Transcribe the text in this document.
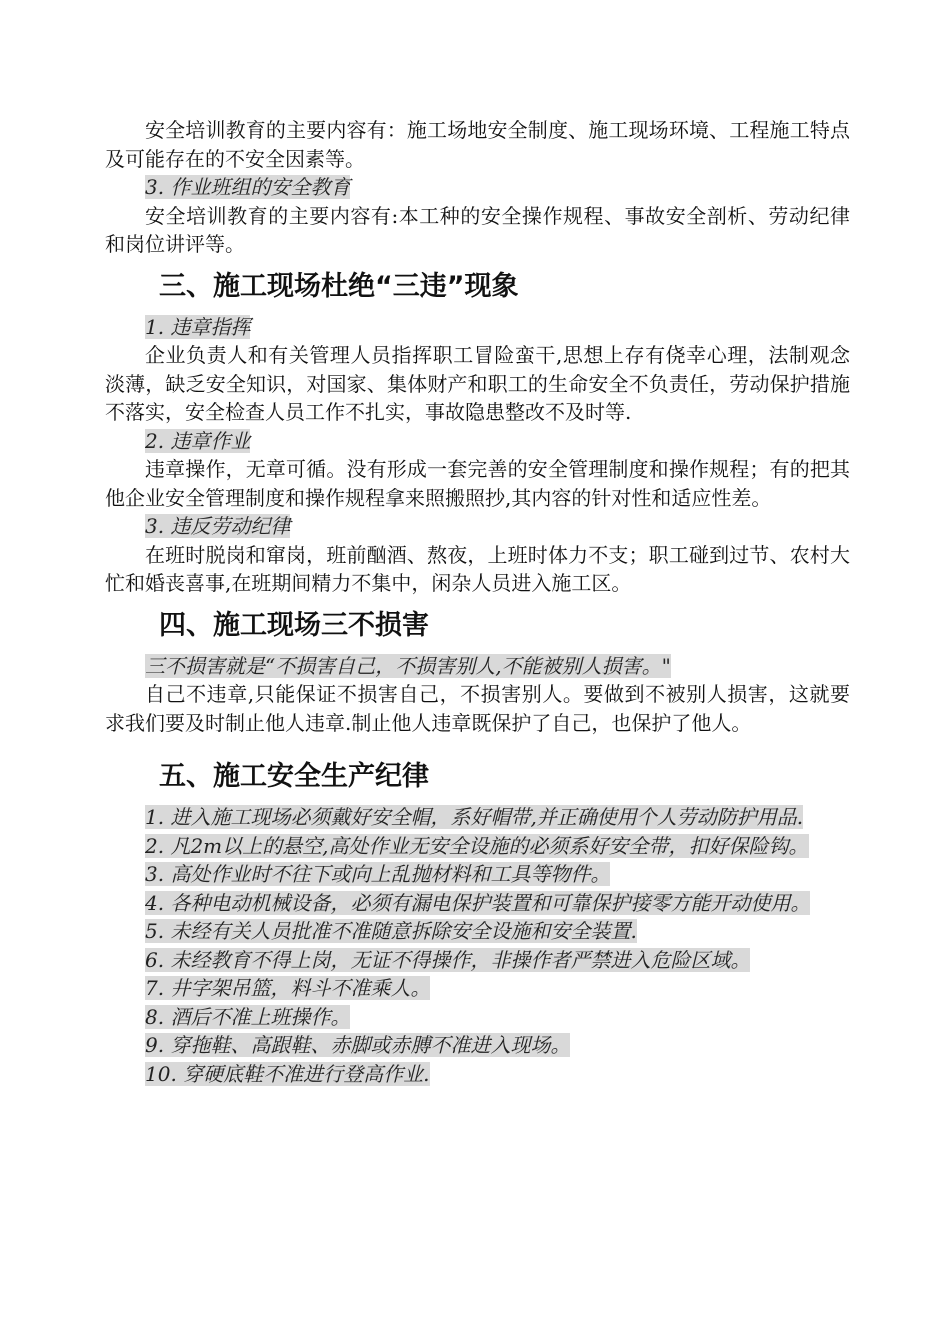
安全培训教育的主要内容有：施工场地安全制度、施工现场环境、工程施工特点及可能存在的不安全因素等。

3. 作业班组的安全教育

安全培训教育的主要内容有:本工种的安全操作规程、事故安全剖析、劳动纪律和岗位讲评等。

三、施工现场杜绝“三违”现象
1. 违章指挥

企业负责人和有关管理人员指挥职工冒险蛮干,思想上存有侥幸心理，法制观念淡薄，缺乏安全知识，对国家、集体财产和职工的生命安全不负责任，劳动保护措施不落实，安全检查人员工作不扎实，事故隐患整改不及时等.

2. 违章作业

违章操作，无章可循。没有形成一套完善的安全管理制度和操作规程；有的把其他企业安全管理制度和操作规程拿来照搬照抄,其内容的针对性和适应性差。

3. 违反劳动纪律

在班时脱岗和窜岗，班前酗酒、熬夜，上班时体力不支；职工碰到过节、农村大忙和婚丧喜事,在班期间精力不集中，闲杂人员进入施工区。

四、施工现场三不损害
三不损害就是“不损害自己，不损害别人,不能被别人损害。"

自己不违章,只能保证不损害自己，不损害别人。要做到不被别人损害，这就要求我们要及时制止他人违章.制止他人违章既保护了自己，也保护了他人。

五、施工安全生产纪律
1. 进入施工现场必须戴好安全帽，系好帽带,并正确使用个人劳动防护用品.
2. 凡2m以上的悬空,高处作业无安全设施的必须系好安全带，扣好保险钩。
3. 高处作业时不往下或向上乱抛材料和工具等物件。
4. 各种电动机械设备，必须有漏电保护装置和可靠保护接零方能开动使用。
5. 未经有关人员批准不准随意拆除安全设施和安全装置.
6. 未经教育不得上岗，无证不得操作，非操作者严禁进入危险区域。
7. 井字架吊篮，料斗不准乘人。
8. 酒后不准上班操作。
9. 穿拖鞋、高跟鞋、赤脚或赤膊不准进入现场。
10. 穿硬底鞋不准进行登高作业.
